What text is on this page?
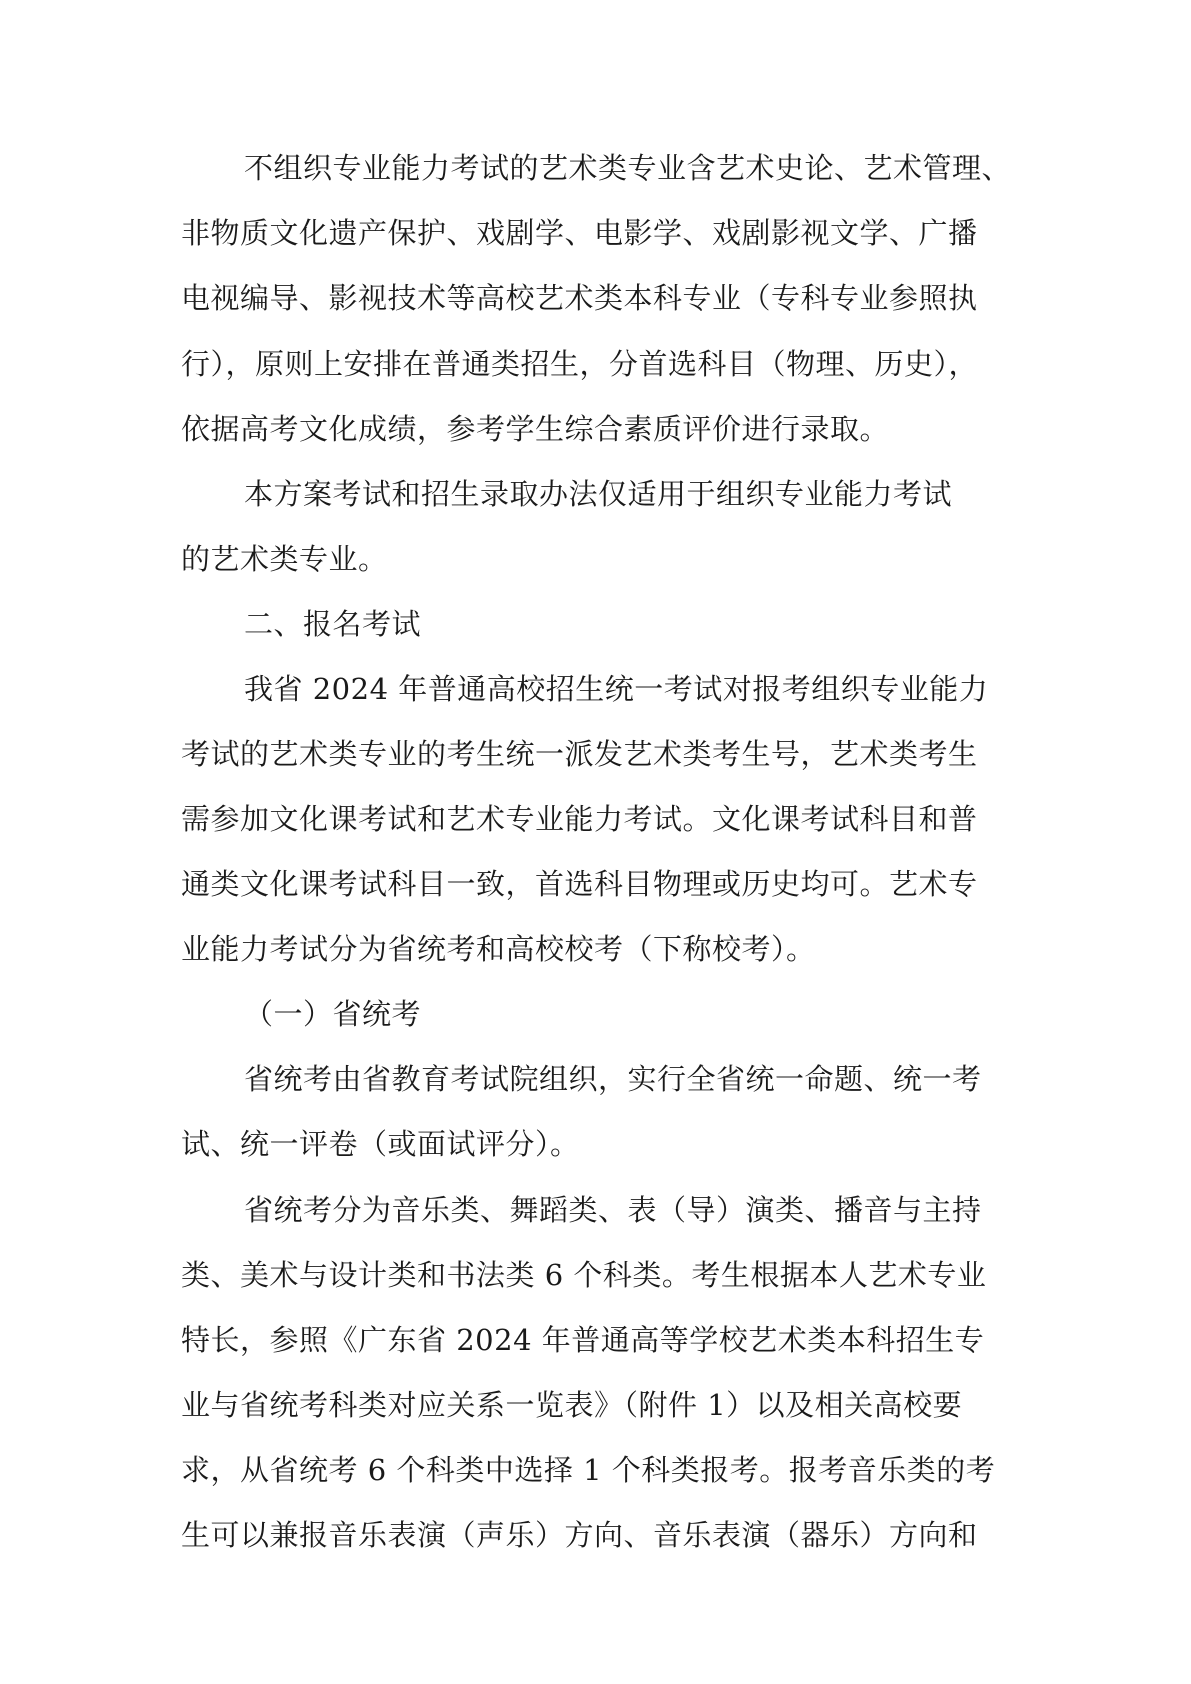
不组织专业能力考试的艺术类专业含艺术史论、艺术管理、
非物质文化遗产保护、戏剧学、电影学、戏剧影视文学、广播
电视编导、影视技术等高校艺术类本科专业（专科专业参照执
行），原则上安排在普通类招生，分首选科目（物理、历史），
依据高考文化成绩，参考学生综合素质评价进行录取。
本方案考试和招生录取办法仅适用于组织专业能力考试
的艺术类专业。
二、报名考试
我省 2024 年普通高校招生统一考试对报考组织专业能力
考试的艺术类专业的考生统一派发艺术类考生号，艺术类考生
需参加文化课考试和艺术专业能力考试。文化课考试科目和普
通类文化课考试科目一致，首选科目物理或历史均可。艺术专
业能力考试分为省统考和高校校考（下称校考）。
（一）省统考
省统考由省教育考试院组织，实行全省统一命题、统一考
试、统一评卷（或面试评分）。
省统考分为音乐类、舞蹈类、表（导）演类、播音与主持
类、美术与设计类和书法类 6 个科类。考生根据本人艺术专业
特长，参照《广东省 2024 年普通高等学校艺术类本科招生专
业与省统考科类对应关系一览表》（附件 1）以及相关高校要
求，从省统考 6 个科类中选择 1 个科类报考。报考音乐类的考
生可以兼报音乐表演（声乐）方向、音乐表演（器乐）方向和
